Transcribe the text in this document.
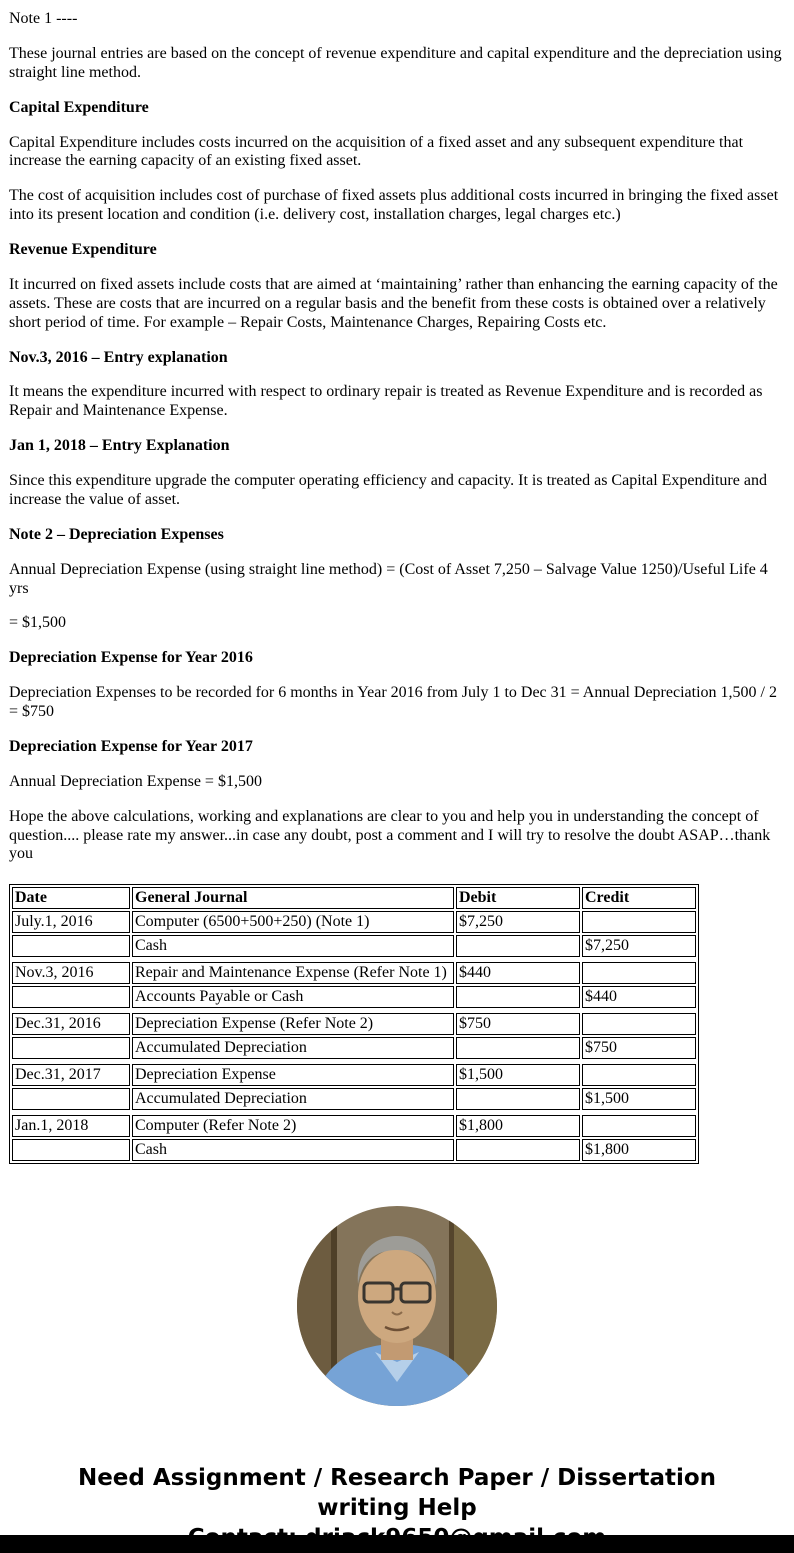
Note 1 ----

These journal entries are based on the concept of revenue expenditure and capital expenditure and the depreciation using straight line method.

Capital Expenditure

Capital Expenditure includes costs incurred on the acquisition of a fixed asset and any subsequent expenditure that increase the earning capacity of an existing fixed asset.

The cost of acquisition includes cost of purchase of fixed assets plus additional costs incurred in bringing the fixed asset into its present location and condition (i.e. delivery cost, installation charges, legal charges etc.)

Revenue Expenditure

It incurred on fixed assets include costs that are aimed at ‘maintaining’ rather than enhancing the earning capacity of the assets. These are costs that are incurred on a regular basis and the benefit from these costs is obtained over a relatively short period of time. For example – Repair Costs, Maintenance Charges, Repairing Costs etc.

Nov.3, 2016 – Entry explanation

It means the expenditure incurred with respect to ordinary repair is treated as Revenue Expenditure and is recorded as Repair and Maintenance Expense.

Jan 1, 2018 – Entry Explanation

Since this expenditure upgrade the computer operating efficiency and capacity. It is treated as Capital Expenditure and increase the value of asset.

Note 2 – Depreciation Expenses

Annual Depreciation Expense (using straight line method) = (Cost of Asset 7,250 – Salvage Value 1250)/Useful Life 4 yrs

= $1,500

Depreciation Expense for Year 2016

Depreciation Expenses to be recorded for 6 months in Year 2016 from July 1 to Dec 31 = Annual Depreciation 1,500 / 2 = $750

Depreciation Expense for Year 2017

Annual Depreciation Expense = $1,500

Hope the above calculations, working and explanations are clear to you and help you in understanding the concept of question.... please rate my answer...in case any doubt, post a comment and I will try to resolve the doubt ASAP…thank you

Date	General Journal	Debit	Credit
July.1, 2016	Computer (6500+500+250) (Note 1)	$7,250	
	Cash		$7,250

Nov.3, 2016	Repair and Maintenance Expense (Refer Note 1)	$440	
	Accounts Payable or Cash		$440

Dec.31, 2016	Depreciation Expense (Refer Note 2)	$750	
	Accumulated Depreciation		$750

Dec.31, 2017	Depreciation Expense	$1,500	
	Accumulated Depreciation		$1,500

Jan.1, 2018	Computer (Refer Note 2)	$1,800	
	Cash		$1,800
Need Assignment / Research Paper / Dissertation
writing Help
